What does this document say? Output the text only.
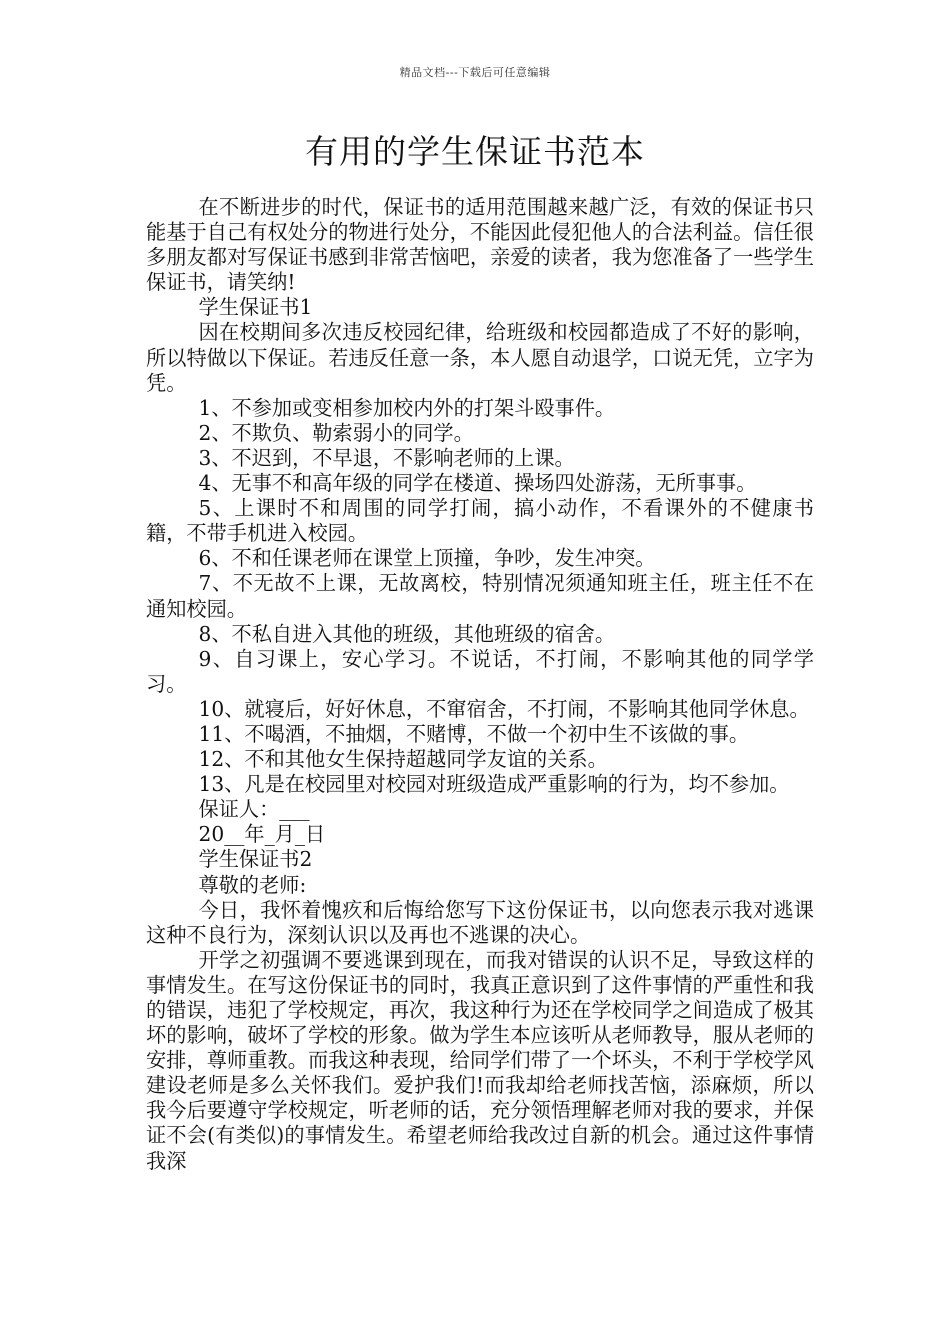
精品文档---下载后可任意编辑
有用的学生保证书范本

在不断进步的时代，保证书的适用范围越来越广泛，有效的保证书只能基于自己有权处分的物进行处分，不能因此侵犯他人的合法利益。信任很多朋友都对写保证书感到非常苦恼吧，亲爱的读者，我为您准备了一些学生保证书，请笑纳!

学生保证书1

因在校期间多次违反校园纪律，给班级和校园都造成了不好的影响，所以特做以下保证。若违反任意一条，本人愿自动退学，口说无凭，立字为凭。

1、不参加或变相参加校内外的打架斗殴事件。

2、不欺负、勒索弱小的同学。

3、不迟到，不早退，不影响老师的上课。

4、无事不和高年级的同学在楼道、操场四处游荡，无所事事。

5、上课时不和周围的同学打闹，搞小动作，不看课外的不健康书籍，不带手机进入校园。

6、不和任课老师在课堂上顶撞，争吵，发生冲突。

7、不无故不上课，无故离校，特别情况须通知班主任，班主任不在通知校园。

8、不私自进入其他的班级，其他班级的宿舍。

9、自习课上，安心学习。不说话，不打闹，不影响其他的同学学习。

10、就寝后，好好休息，不窜宿舍，不打闹，不影响其他同学休息。

11、不喝酒，不抽烟，不赌博，不做一个初中生不该做的事。

12、不和其他女生保持超越同学友谊的关系。

13、凡是在校园里对校园对班级造成严重影响的行为，均不参加。

保证人：___

20__年_月_日

学生保证书2

尊敬的老师:

今日，我怀着愧疚和后悔给您写下这份保证书，以向您表示我对逃课这种不良行为，深刻认识以及再也不逃课的决心。

开学之初强调不要逃课到现在，而我对错误的认识不足，导致这样的事情发生。在写这份保证书的同时，我真正意识到了这件事情的严重性和我的错误，违犯了学校规定，再次，我这种行为还在学校同学之间造成了极其坏的影响，破坏了学校的形象。做为学生本应该听从老师教导，服从老师的安排，尊师重教。而我这种表现，给同学们带了一个坏头，不利于学校学风建设老师是多么关怀我们。爱护我们!而我却给老师找苦恼，添麻烦，所以我今后要遵守学校规定，听老师的话，充分领悟理解老师对我的要求，并保证不会(有类似)的事情发生。希望老师给我改过自新的机会。通过这件事情我深
